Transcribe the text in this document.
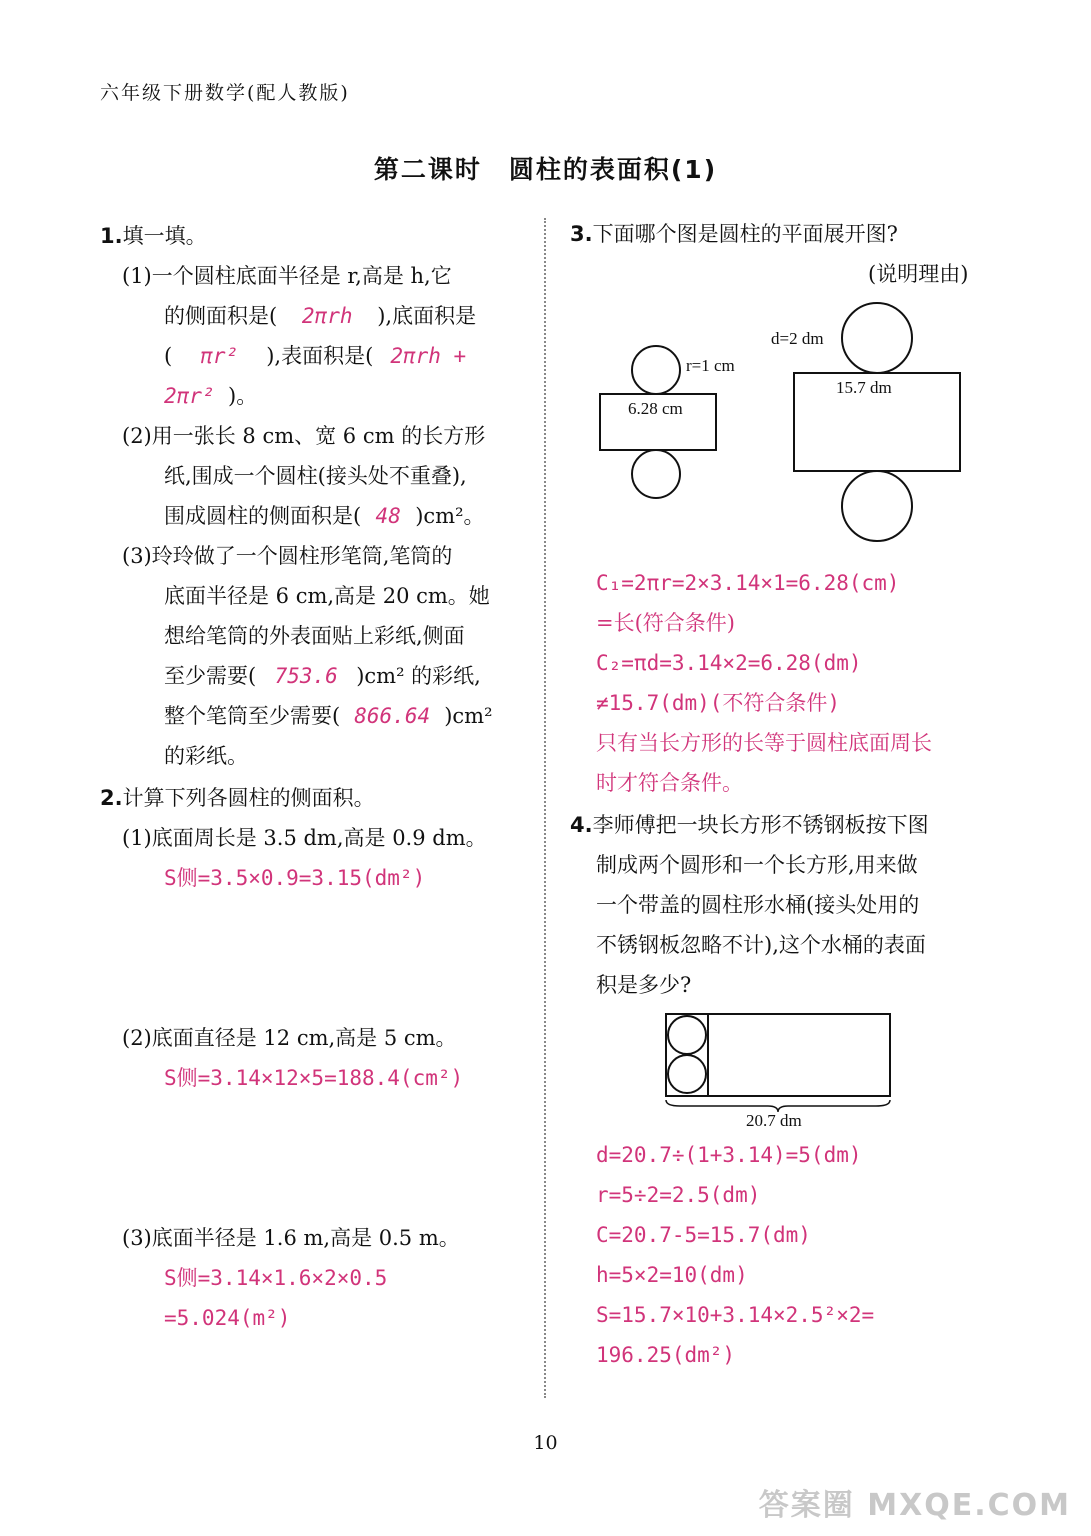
六年级下册数学(配人教版)
第二课时　圆柱的表面积(1)
1.填一填。
(1)一个圆柱底面半径是 r,高是 h,它
的侧面积是( 2πrh ),底面积是
( πr² ),表面积是( 2πrh +
2πr² )。
(2)用一张长 8 cm、宽 6 cm 的长方形
纸,围成一个圆柱(接头处不重叠),
围成圆柱的侧面积是( 48 )cm²。
(3)玲玲做了一个圆柱形笔筒,笔筒的
底面半径是 6 cm,高是 20 cm。她
想给笔筒的外表面贴上彩纸,侧面
至少需要( 753.6 )cm² 的彩纸,
整个笔筒至少需要( 866.64 )cm²
的彩纸。
2.计算下列各圆柱的侧面积。
(1)底面周长是 3.5 dm,高是 0.9 dm。
S侧=3.5×0.9=3.15(dm²)
(2)底面直径是 12 cm,高是 5 cm。
S侧=3.14×12×5=188.4(cm²)
(3)底面半径是 1.6 m,高是 0.5 m。
S侧=3.14×1.6×2×0.5
=5.024(m²)
3.下面哪个图是圆柱的平面展开图?
(说明理由)
r=1 cm
6.28 cm
d=2 dm
15.7 dm
C₁=2πr=2×3.14×1=6.28(cm)
=长(符合条件)
C₂=πd=3.14×2=6.28(dm)
≠15.7(dm)(不符合条件)
只有当长方形的长等于圆柱底面周长
时才符合条件。
4.李师傅把一块长方形不锈钢板按下图
制成两个圆形和一个长方形,用来做
一个带盖的圆柱形水桶(接头处用的
不锈钢板忽略不计),这个水桶的表面
积是多少?
20.7 dm
d=20.7÷(1+3.14)=5(dm)
r=5÷2=2.5(dm)
C=20.7-5=15.7(dm)
h=5×2=10(dm)
S=15.7×10+3.14×2.5²×2=
196.25(dm²)
10
答案圈 MXQE.COM
